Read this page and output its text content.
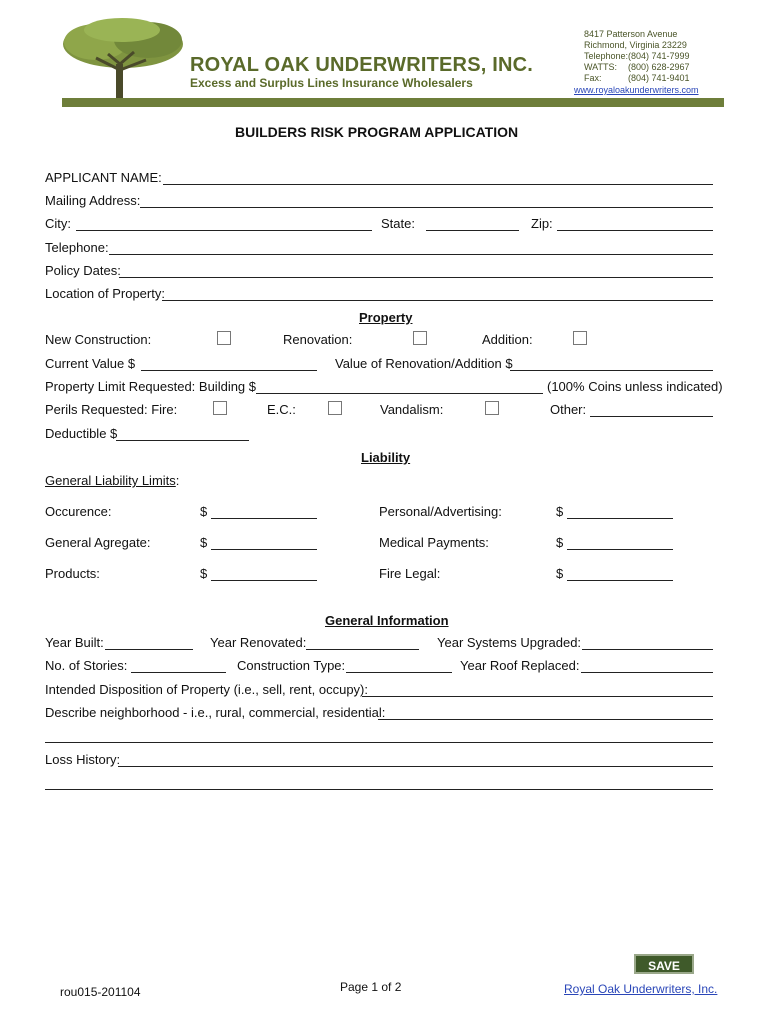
ROYAL OAK UNDERWRITERS, INC.
Excess and Surplus Lines Insurance Wholesalers
8417 Patterson Avenue
Richmond, Virginia 23229
Telephone: (804) 741-7999
WATTS: (800) 628-2967
Fax:	(804) 741-9401
www.royaloakunderwriters.com
BUILDERS RISK PROGRAM APPLICATION
APPLICANT NAME:
Mailing Address:
City:	State:	Zip:
Telephone:
Policy Dates:
Location of Property:
Property
New Construction:	Renovation:	Addition:
Current Value $	Value of Renovation/Addition $
Property Limit Requested: Building $	(100% Coins unless indicated)
Perils Requested: Fire:	E.C.:	Vandalism:	Other:
Deductible $
Liability
General Liability Limits:
Occurence:	$	Personal/Advertising:	$
General Agregate:	$	Medical Payments:	$
Products:	$	Fire Legal:	$
General Information
Year Built:	Year Renovated:	Year Systems Upgraded:
No. of Stories:	Construction Type:	Year Roof Replaced:
Intended Disposition of Property (i.e., sell, rent, occupy):
Describe neighborhood - i.e., rural, commercial, residential:
Loss History:
SAVE
rou015-201104	Page 1 of 2	Royal Oak Underwriters, Inc.
